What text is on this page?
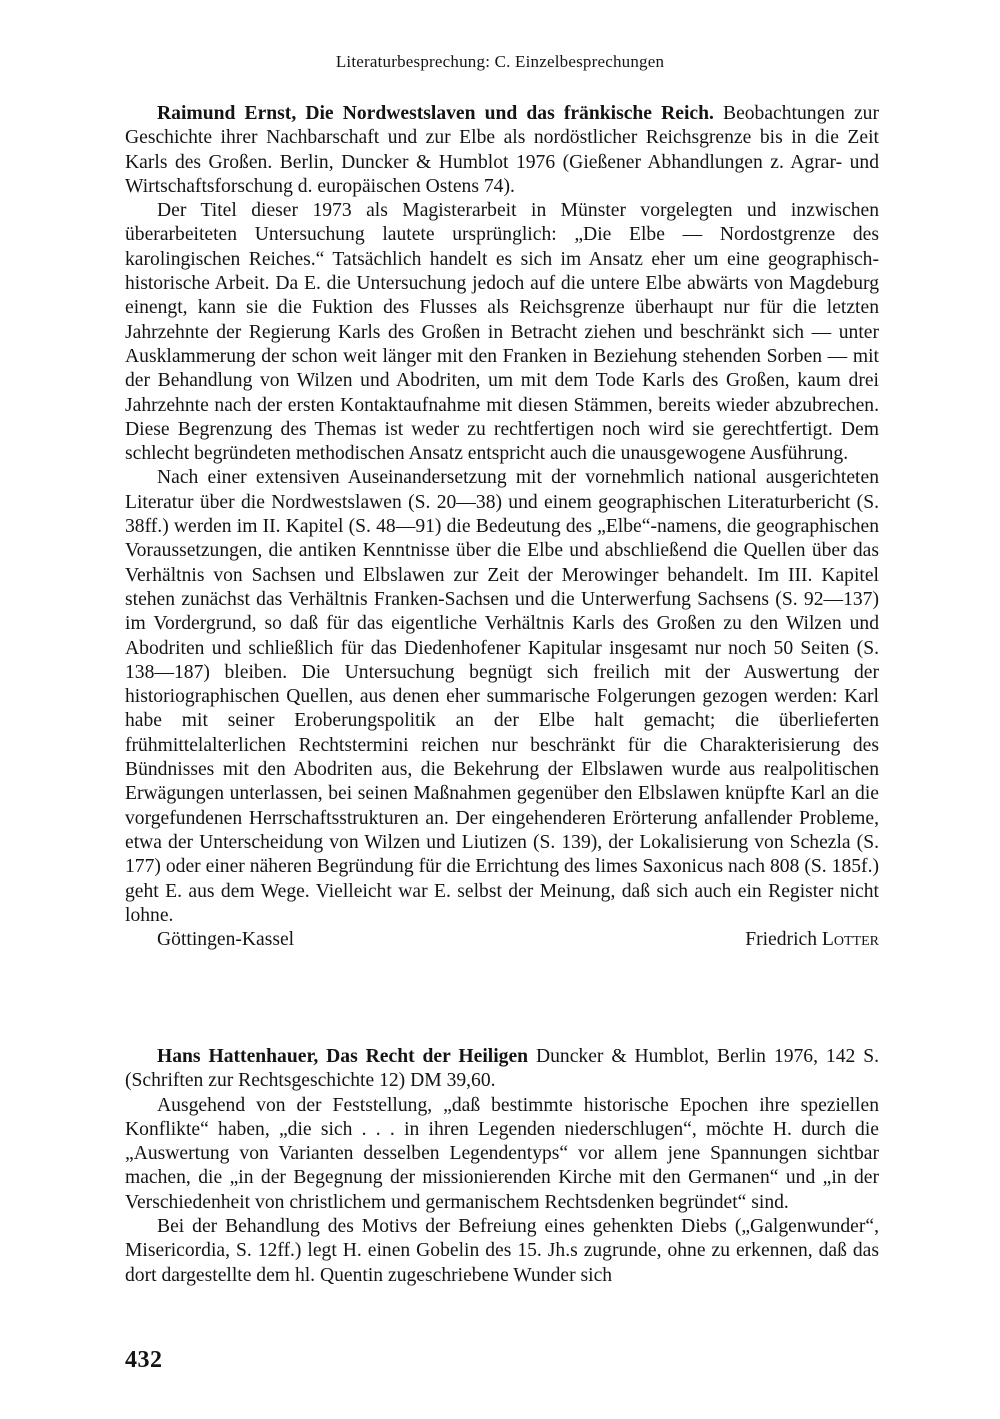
Literaturbesprechung: C. Einzelbesprechungen

Raimund Ernst, Die Nordwestslaven und das fränkische Reich. Beobachtungen zur Geschichte ihrer Nachbarschaft und zur Elbe als nordöstlicher Reichsgrenze bis in die Zeit Karls des Großen. Berlin, Duncker & Humblot 1976 (Gießener Abhandlungen z. Agrar- und Wirtschaftsforschung d. europäischen Ostens 74).

Der Titel dieser 1973 als Magisterarbeit in Münster vorgelegten und inzwischen überarbeiteten Untersuchung lautete ursprünglich: „Die Elbe — Nordostgrenze des karolingischen Reiches.“ Tatsächlich handelt es sich im Ansatz eher um eine geographisch-historische Arbeit. Da E. die Untersuchung jedoch auf die untere Elbe abwärts von Magdeburg einengt, kann sie die Fuktion des Flusses als Reichsgrenze überhaupt nur für die letzten Jahrzehnte der Regierung Karls des Großen in Betracht ziehen und beschränkt sich — unter Ausklammerung der schon weit länger mit den Franken in Beziehung stehenden Sorben — mit der Behandlung von Wilzen und Abodriten, um mit dem Tode Karls des Großen, kaum drei Jahrzehnte nach der ersten Kontaktaufnahme mit diesen Stämmen, bereits wieder abzubrechen. Diese Begrenzung des Themas ist weder zu rechtfertigen noch wird sie gerechtfertigt. Dem schlecht begründeten methodischen Ansatz entspricht auch die unausgewogene Ausführung.

Nach einer extensiven Auseinandersetzung mit der vornehmlich national ausgerichteten Literatur über die Nordwestslawen (S. 20—38) und einem geographischen Literaturbericht (S. 38ff.) werden im II. Kapitel (S. 48—91) die Bedeutung des „Elbe“-namens, die geographischen Voraussetzungen, die antiken Kenntnisse über die Elbe und abschließend die Quellen über das Verhältnis von Sachsen und Elbslawen zur Zeit der Merowinger behandelt. Im III. Kapitel stehen zunächst das Verhältnis Franken-Sachsen und die Unterwerfung Sachsens (S. 92—137) im Vordergrund, so daß für das eigentliche Verhältnis Karls des Großen zu den Wilzen und Abodriten und schließlich für das Diedenhofener Kapitular insgesamt nur noch 50 Seiten (S. 138—187) bleiben. Die Untersuchung begnügt sich freilich mit der Auswertung der historiographischen Quellen, aus denen eher summarische Folgerungen gezogen werden: Karl habe mit seiner Eroberungspolitik an der Elbe halt gemacht; die überlieferten frühmittelalterlichen Rechtstermini reichen nur beschränkt für die Charakterisierung des Bündnisses mit den Abodriten aus, die Bekehrung der Elbslawen wurde aus realpolitischen Erwägungen unterlassen, bei seinen Maßnahmen gegenüber den Elbslawen knüpfte Karl an die vorgefundenen Herrschaftsstrukturen an. Der eingehenderen Erörterung anfallender Probleme, etwa der Unterscheidung von Wilzen und Liutizen (S. 139), der Lokalisierung von Schezla (S. 177) oder einer näheren Begründung für die Errichtung des limes Saxonicus nach 808 (S. 185f.) geht E. aus dem Wege. Vielleicht war E. selbst der Meinung, daß sich auch ein Register nicht lohne.

Göttingen-Kassel	Friedrich Lotter

Hans Hattenhauer, Das Recht der Heiligen Duncker & Humblot, Berlin 1976, 142 S. (Schriften zur Rechtsgeschichte 12) DM 39,60.

Ausgehend von der Feststellung, „daß bestimmte historische Epochen ihre speziellen Konflikte“ haben, „die sich . . . in ihren Legenden niederschlugen“, möchte H. durch die „Auswertung von Varianten desselben Legendentyps“ vor allem jene Spannungen sichtbar machen, die „in der Begegnung der missionierenden Kirche mit den Germanen“ und „in der Verschiedenheit von christlichem und germanischem Rechtsdenken begründet“ sind.

Bei der Behandlung des Motivs der Befreiung eines gehenkten Diebs („Galgenwunder“, Misericordia, S. 12ff.) legt H. einen Gobelin des 15. Jh.s zugrunde, ohne zu erkennen, daß das dort dargestellte dem hl. Quentin zugeschriebene Wunder sich

432
